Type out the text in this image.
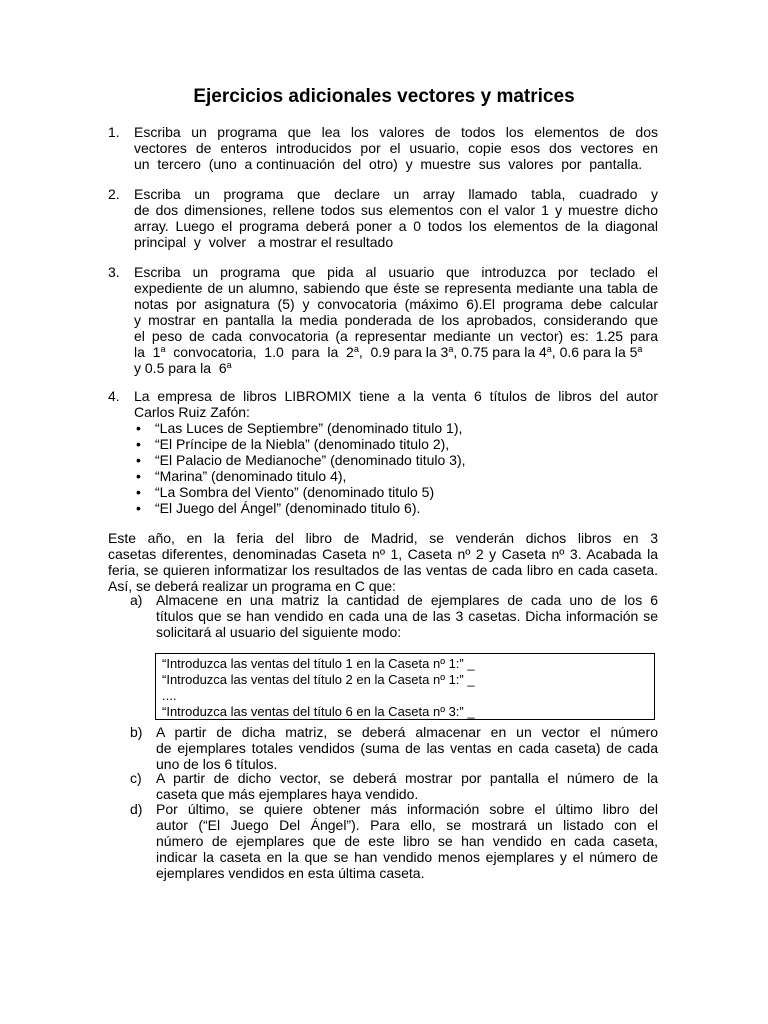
Ejercicios adicionales vectores y matrices
1. Escriba un programa que lea los valores de todos los elementos de dos
vectores de enteros introducidos por el usuario, copie esos dos vectores en
un  tercero  (uno  a continuación  del  otro)  y  muestre  sus  valores  por  pantalla.
2. Escriba un programa que declare un array llamado tabla, cuadrado y
de dos dimensiones, rellene todos sus elementos con el valor 1 y muestre dicho
array. Luego el programa deberá poner a 0 todos los elementos de la diagonal
principal  y  volver   a mostrar el resultado
3. Escriba un programa que pida al usuario que introduzca por teclado el
expediente de un alumno, sabiendo que éste se representa mediante una tabla de
notas por asignatura (5) y convocatoria (máximo 6).El programa debe calcular
y mostrar en pantalla la media ponderada de los aprobados, considerando que
el peso de cada convocatoria (a representar mediante un vector) es: 1.25 para
la  1$^a$  convocatoria,  1.0  para  la  2$^a$,  0.9 para la 3$^a$, 0.75 para la 4$^a$, 0.6 para la 5$^a$
y 0.5 para la  6$^a$
4. La empresa de libros LIBROMIX tiene a la venta 6 títulos de libros del autor
Carlos Ruiz Zafón:
• “Las Luces de Septiembre” (denominado titulo 1),
• “El Príncipe de la Niebla” (denominado titulo 2),
• “El Palacio de Medianoche” (denominado titulo 3),
• “Marina” (denominado titulo 4),
• “La Sombra del Viento” (denominado titulo 5)
• “El Juego del Ángel” (denominado titulo 6).
Este año, en la feria del libro de Madrid, se venderán dichos libros en 3
casetas diferentes, denominadas Caseta nº 1, Caseta nº 2 y Caseta nº 3. Acabada la
feria, se quieren informatizar los resultados de las ventas de cada libro en cada caseta.
Así, se deberá realizar un programa en C que:
a) Almacene en una matriz la cantidad de ejemplares de cada uno de los 6
títulos que se han vendido en cada una de las 3 casetas. Dicha información se
solicitará al usuario del siguiente modo:
“Introduzca las ventas del título 1 en la Caseta nº 1:” _
“Introduzca las ventas del título 2 en la Caseta nº 1:” _
....
“Introduzca las ventas del título 6 en la Caseta nº 3:” _
b) A partir de dicha matriz, se deberá almacenar en un vector el número
de ejemplares totales vendidos (suma de las ventas en cada caseta) de cada
uno de los 6 títulos.
c) A partir de dicho vector, se deberá mostrar por pantalla el número de la
caseta que más ejemplares haya vendido.
d) Por último, se quiere obtener más información sobre el último libro del
autor (“El Juego Del Ángel”). Para ello, se mostrará un listado con el
número de ejemplares que de este libro se han vendido en cada caseta,
indicar la caseta en la que se han vendido menos ejemplares y el número de
ejemplares vendidos en esta última caseta.
